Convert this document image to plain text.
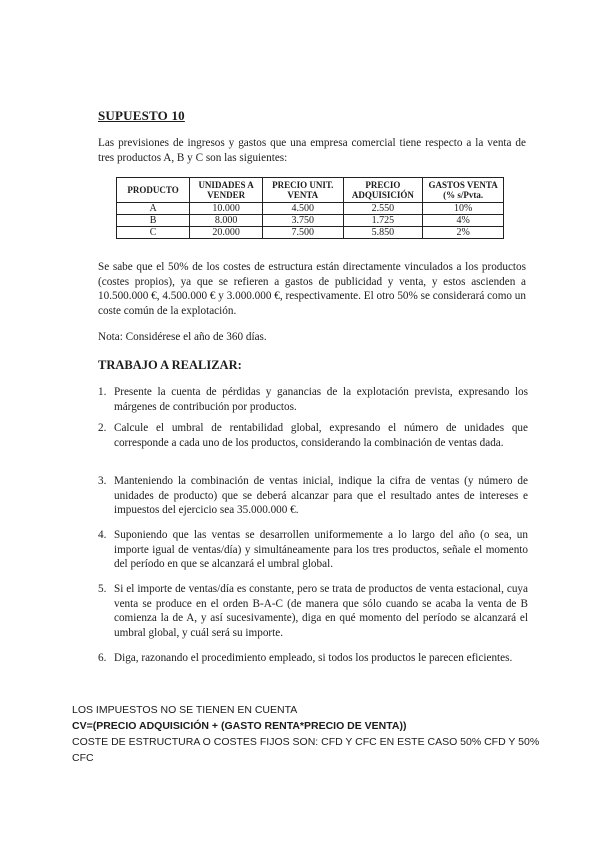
SUPUESTO 10
Las previsiones de ingresos y gastos que una empresa comercial tiene respecto a la venta de tres productos A, B y C son las siguientes:
PRODUCTO	UNIDADES A VENDER	PRECIO UNIT. VENTA	PRECIO ADQUISICIÓN	GASTOS VENTA (% s/Pvta.
A	10.000	4.500	2.550	10%
B	8.000	3.750	1.725	4%
C	20.000	7.500	5.850	2%
Se sabe que el 50% de los costes de estructura están directamente vinculados a los productos (costes propios), ya que se refieren a gastos de publicidad y venta, y estos ascienden a 10.500.000 €, 4.500.000 € y 3.000.000 €, respectivamente. El otro 50% se considerará como un coste común de la explotación.
Nota: Considérese el año de 360 días.
TRABAJO A REALIZAR:
1. Presente la cuenta de pérdidas y ganancias de la explotación prevista, expresando los márgenes de contribución por productos.
2. Calcule el umbral de rentabilidad global, expresando el número de unidades que corresponde a cada uno de los productos, considerando la combinación de ventas dada.
3. Manteniendo la combinación de ventas inicial, indique la cifra de ventas (y número de unidades de producto) que se deberá alcanzar para que el resultado antes de intereses e impuestos del ejercicio sea 35.000.000 €.
4. Suponiendo que las ventas se desarrollen uniformemente a lo largo del año (o sea, un importe igual de ventas/día) y simultáneamente para los tres productos, señale el momento del período en que se alcanzará el umbral global.
5. Si el importe de ventas/día es constante, pero se trata de productos de venta estacional, cuya venta se produce en el orden B-A-C (de manera que sólo cuando se acaba la venta de B comienza la de A, y así sucesivamente), diga en qué momento del período se alcanzará el umbral global, y cuál será su importe.
6. Diga, razonando el procedimiento empleado, si todos los productos le parecen eficientes.
LOS IMPUESTOS NO SE TIENEN EN CUENTA
CV=(PRECIO ADQUISICIÓN + (GASTO RENTA*PRECIO DE VENTA))
COSTE DE ESTRUCTURA O COSTES FIJOS SON: CFD Y CFC EN ESTE CASO 50% CFD Y 50% CFC
